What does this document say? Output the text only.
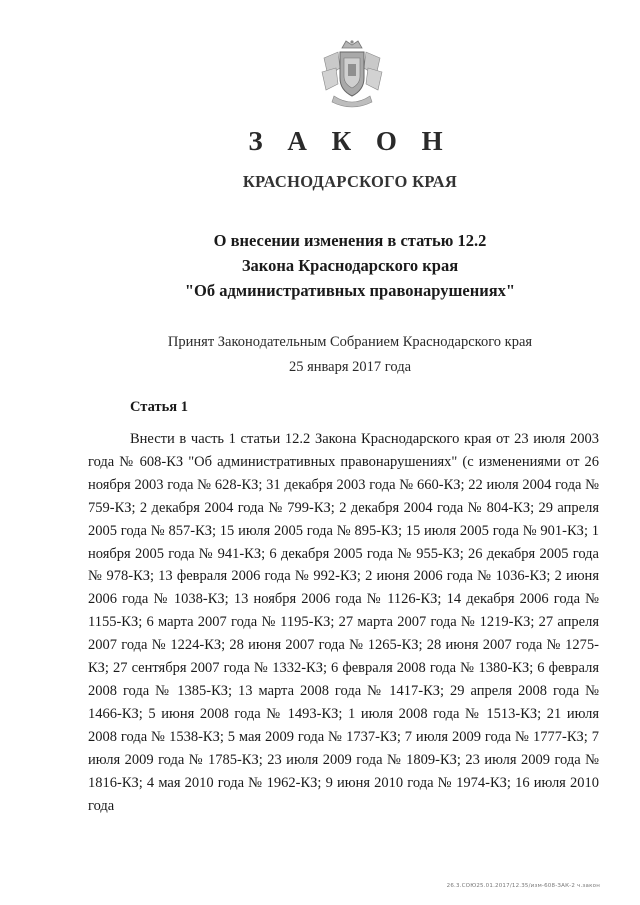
З А К О Н
КРАСНОДАРСКОГО КРАЯ
О внесении изменения в статью 12.2
Закона Краснодарского края
"Об административных правонарушениях"
Принят Законодательным Собранием Краснодарского края
25 января 2017 года
Статья 1

Внести в часть 1 статьи 12.2 Закона Краснодарского края от 23 июля 2003 года № 608-КЗ "Об административных правонарушениях" (с изменениями от 26 ноября 2003 года № 628-КЗ; 31 декабря 2003 года № 660-КЗ; 22 июля 2004 года № 759-КЗ; 2 декабря 2004 года № 799-КЗ; 2 декабря 2004 года № 804-КЗ; 29 апреля 2005 года № 857-КЗ; 15 июля 2005 года № 895-КЗ; 15 июля 2005 года № 901-КЗ; 1 ноября 2005 года № 941-КЗ; 6 декабря 2005 года № 955-КЗ; 26 декабря 2005 года № 978-КЗ; 13 февраля 2006 года № 992-КЗ; 2 июня 2006 года № 1036-КЗ; 2 июня 2006 года № 1038-КЗ; 13 ноября 2006 года № 1126-КЗ; 14 декабря 2006 года № 1155-КЗ; 6 марта 2007 года № 1195-КЗ; 27 марта 2007 года № 1219-КЗ; 27 апреля 2007 года № 1224-КЗ; 28 июня 2007 года № 1265-КЗ; 28 июня 2007 года № 1275-КЗ; 27 сентября 2007 года № 1332-КЗ; 6 февраля 2008 года № 1380-КЗ; 6 февраля 2008 года № 1385-КЗ; 13 марта 2008 года № 1417-КЗ; 29 апреля 2008 года № 1466-КЗ; 5 июня 2008 года № 1493-КЗ; 1 июля 2008 года № 1513-КЗ; 21 июля 2008 года № 1538-КЗ; 5 мая 2009 года № 1737-КЗ; 7 июля 2009 года № 1777-КЗ; 7 июля 2009 года № 1785-КЗ; 23 июля 2009 года № 1809-КЗ; 23 июля 2009 года № 1816-КЗ; 4 мая 2010 года № 1962-КЗ; 9 июня 2010 года № 1974-КЗ; 16 июля 2010 года

26.3.СОЮ25.01.2017/12.35/изм-608-ЗАК-2 ч.закон
